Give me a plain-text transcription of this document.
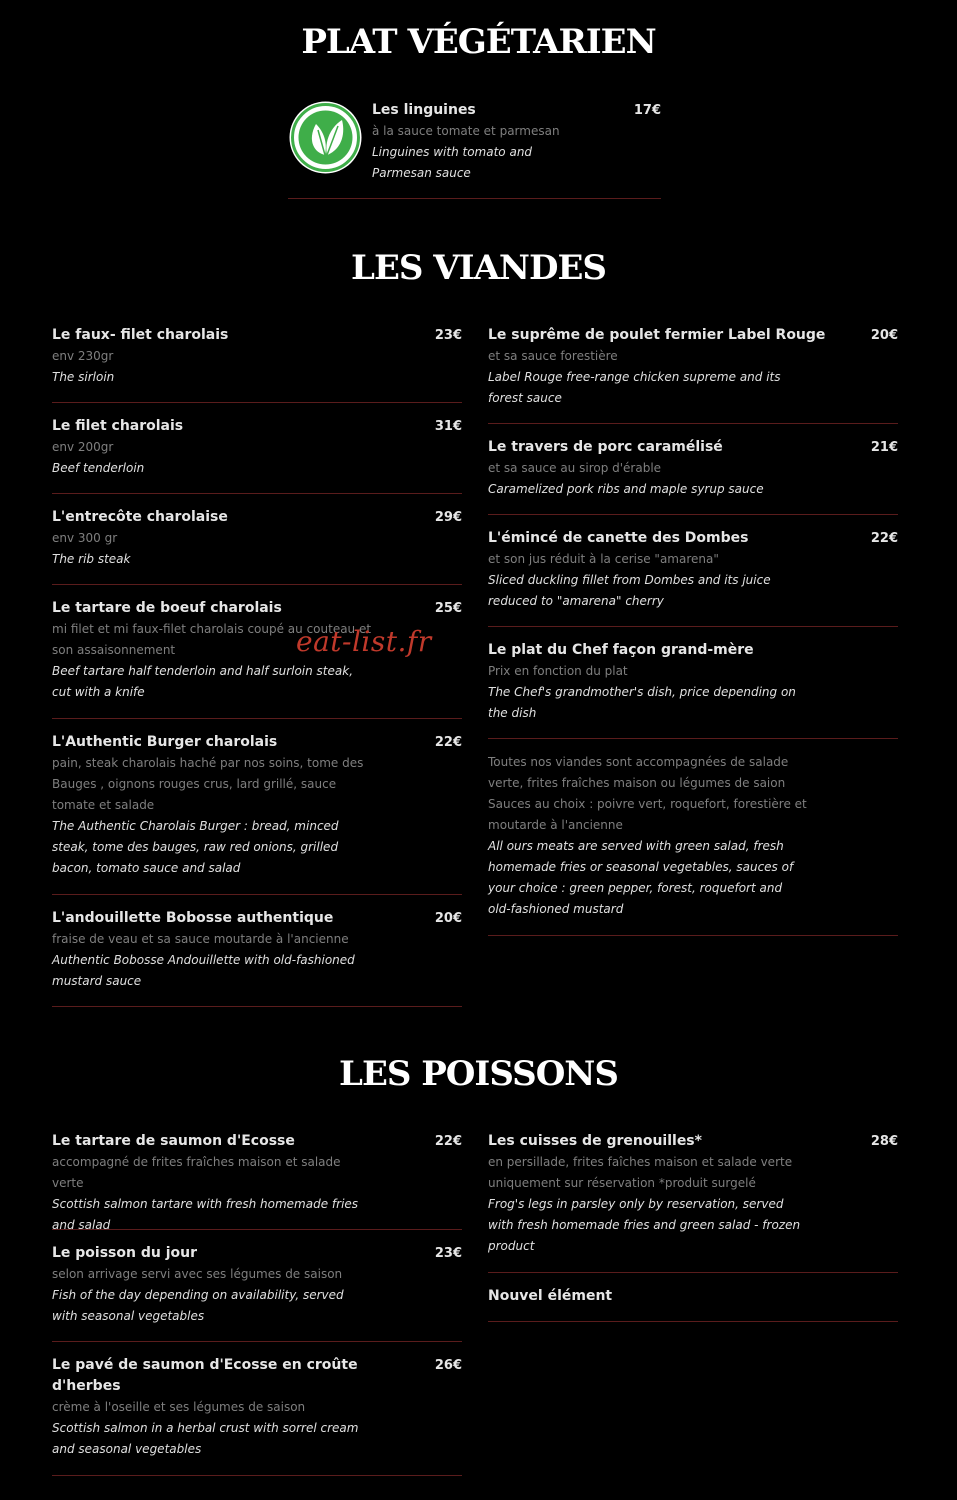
PLAT VÉGÉTARIEN
Les linguines	17€
à la sauce tomate et parmesan
Linguines with tomato and Parmesan sauce
LES VIANDES
Le faux- filet charolais	23€
env 230gr
The sirloin
Le filet charolais	31€
env 200gr
Beef tenderloin
L'entrecôte charolaise	29€
env 300 gr
The rib steak
Le tartare de boeuf charolais	25€
mi filet et mi faux-filet charolais coupé au couteau et son assaisonnement
Beef tartare half tenderloin and half surloin steak, cut with a knife
L'Authentic Burger charolais	22€
pain, steak charolais haché par nos soins, tome des Bauges , oignons rouges crus, lard grillé, sauce tomate et salade
The Authentic Charolais Burger : bread, minced steak, tome des bauges, raw red onions, grilled bacon, tomato sauce and salad
L'andouillette Bobosse authentique	20€
fraise de veau et sa sauce moutarde à l'ancienne
Authentic Bobosse Andouillette with old-fashioned mustard sauce
Le suprême de poulet fermier Label Rouge	20€
et sa sauce forestière
Label Rouge free-range chicken supreme and its forest sauce
Le travers de porc caramélisé	21€
et sa sauce au sirop d'érable
Caramelized pork ribs and maple syrup sauce
L'émincé de canette des Dombes	22€
et son jus réduit à la cerise "amarena"
Sliced duckling fillet from Dombes and its juice reduced to "amarena" cherry
Le plat du Chef façon grand-mère
Prix en fonction du plat
The Chef's grandmother's dish, price depending on the dish
Toutes nos viandes sont accompagnées de salade verte, frites fraîches maison ou légumes de saion Sauces au choix : poivre vert, roquefort, forestière et moutarde à l'ancienne
All ours meats are served with green salad, fresh homemade fries or seasonal vegetables, sauces of your choice : green pepper, forest, roquefort and old-fashioned mustard
eat-list.fr
LES POISSONS
Le tartare de saumon d'Ecosse	22€
accompagné de frites fraîches maison et salade verte
Scottish salmon tartare with fresh homemade fries and salad
Le poisson du jour	23€
selon arrivage servi avec ses légumes de saison
Fish of the day depending on availability, served with seasonal vegetables
Le pavé de saumon d'Ecosse en croûte d'herbes
26€
crème à l'oseille et ses légumes de saison
Scottish salmon in a herbal crust with sorrel cream and seasonal vegetables
Les cuisses de grenouilles*	28€
en persillade, frites faîches maison et salade verte uniquement sur réservation *produit surgelé
Frog's legs in parsley only by reservation, served with fresh homemade fries and green salad - frozen product
Nouvel élément
